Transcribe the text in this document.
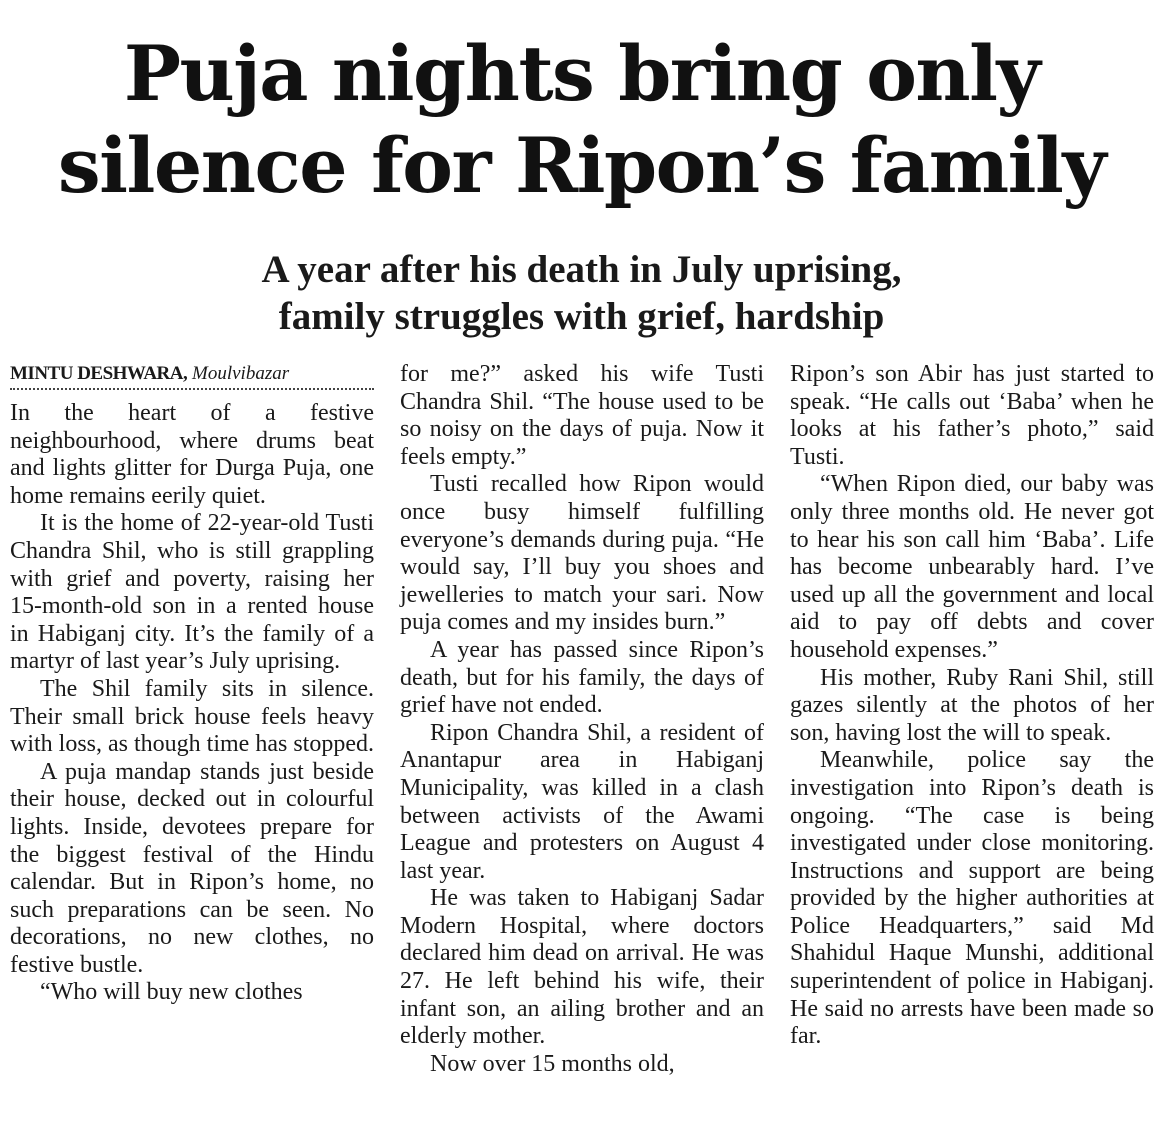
Puja nights bring only
silence for Ripon’s family
A year after his death in July uprising,
family struggles with grief, hardship
MINTU DESHWARA, Moulvibazar

In the heart of a festive neighbourhood, where drums beat and lights glitter for Durga Puja, one home remains eerily quiet.

It is the home of 22-year-old Tusti Chandra Shil, who is still grappling with grief and poverty, raising her 15-month-old son in a rented house in Habiganj city. It’s the family of a martyr of last year’s July uprising.

The Shil family sits in silence. Their small brick house feels heavy with loss, as though time has stopped.

A puja mandap stands just beside their house, decked out in colourful lights. Inside, devotees prepare for the biggest festival of the Hindu calendar. But in Ripon’s home, no such preparations can be seen. No decorations, no new clothes, no festive bustle.

“Who will buy new clothes

for me?” asked his wife Tusti Chandra Shil. “The house used to be so noisy on the days of puja. Now it feels empty.”

Tusti recalled how Ripon would once busy himself fulfilling everyone’s demands during puja. “He would say, I’ll buy you shoes and jewelleries to match your sari. Now puja comes and my insides burn.”

A year has passed since Ripon’s death, but for his family, the days of grief have not ended.

Ripon Chandra Shil, a resident of Anantapur area in Habiganj Municipality, was killed in a clash between activists of the Awami League and protesters on August 4 last year.

He was taken to Habiganj Sadar Modern Hospital, where doctors declared him dead on arrival. He was 27. He left behind his wife, their infant son, an ailing brother and an elderly mother.

Now over 15 months old,

Ripon’s son Abir has just started to speak. “He calls out ‘Baba’ when he looks at his father’s photo,” said Tusti.

“When Ripon died, our baby was only three months old. He never got to hear his son call him ‘Baba’. Life has become unbearably hard. I’ve used up all the government and local aid to pay off debts and cover household expenses.”

His mother, Ruby Rani Shil, still gazes silently at the photos of her son, having lost the will to speak.

Meanwhile, police say the investigation into Ripon’s death is ongoing. “The case is being investigated under close monitoring. Instructions and support are being provided by the higher authorities at Police Headquarters,” said Md Shahidul Haque Munshi, additional superintendent of police in Habiganj. He said no arrests have been made so far.
